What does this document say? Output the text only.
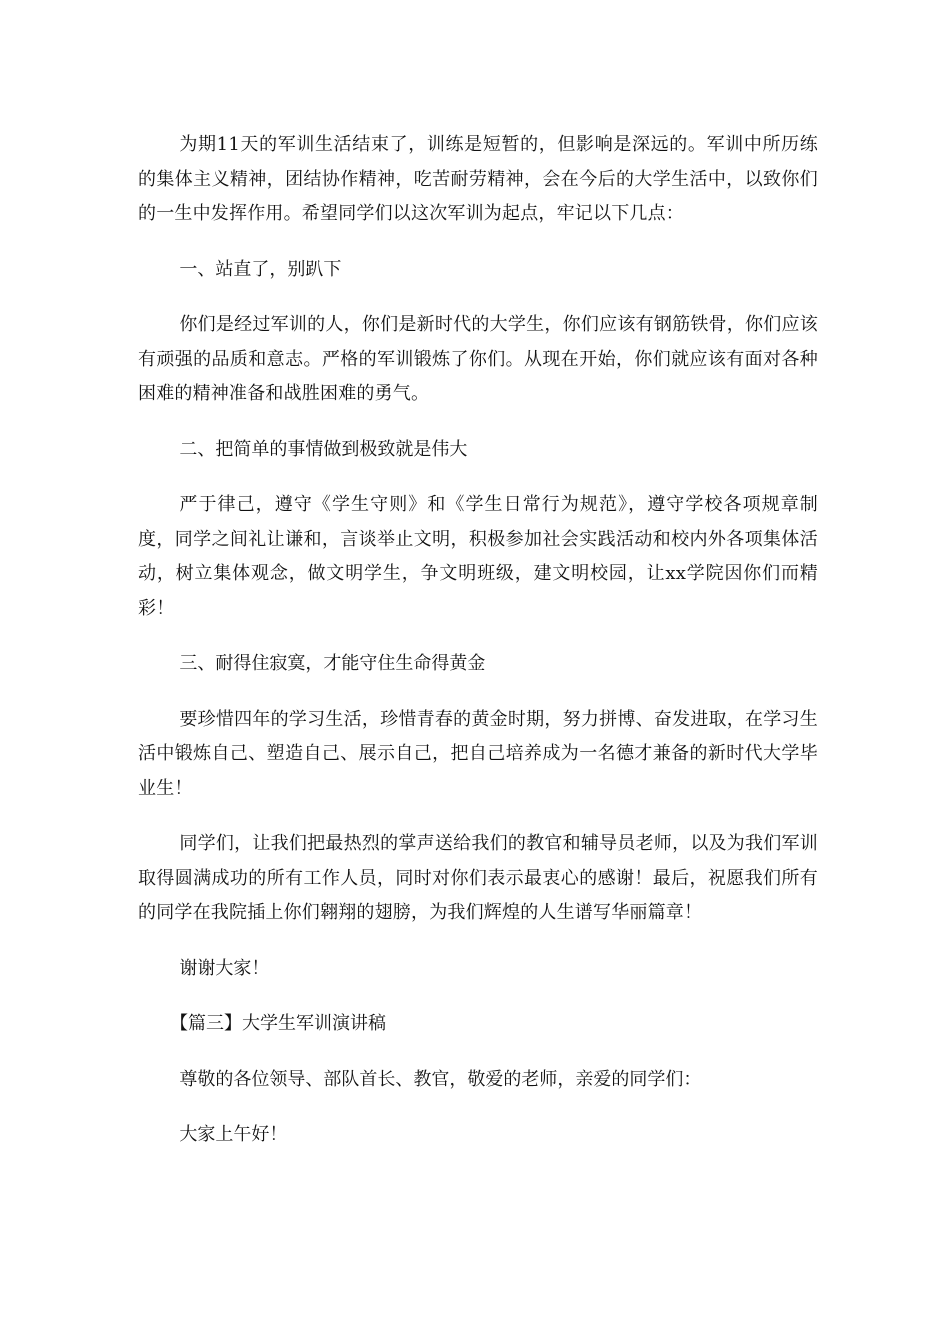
为期11天的军训生活结束了，训练是短暂的，但影响是深远的。军训中所历练的集体主义精神，团结协作精神，吃苦耐劳精神，会在今后的大学生活中，以致你们的一生中发挥作用。希望同学们以这次军训为起点，牢记以下几点：

一、站直了，别趴下

你们是经过军训的人，你们是新时代的大学生，你们应该有钢筋铁骨，你们应该有顽强的品质和意志。严格的军训锻炼了你们。从现在开始，你们就应该有面对各种困难的精神准备和战胜困难的勇气。

二、把简单的事情做到极致就是伟大

严于律己，遵守《学生守则》和《学生日常行为规范》，遵守学校各项规章制度，同学之间礼让谦和，言谈举止文明，积极参加社会实践活动和校内外各项集体活动，树立集体观念，做文明学生，争文明班级，建文明校园，让xx学院因你们而精彩！

三、耐得住寂寞，才能守住生命得黄金

要珍惜四年的学习生活，珍惜青春的黄金时期，努力拼博、奋发进取，在学习生活中锻炼自己、塑造自己、展示自己，把自己培养成为一名德才兼备的新时代大学毕业生！

同学们，让我们把最热烈的掌声送给我们的教官和辅导员老师，以及为我们军训取得圆满成功的所有工作人员，同时对你们表示最衷心的感谢！最后，祝愿我们所有的同学在我院插上你们翱翔的翅膀，为我们辉煌的人生谱写华丽篇章！

谢谢大家！

【篇三】大学生军训演讲稿

尊敬的各位领导、部队首长、教官，敬爱的老师，亲爱的同学们：

大家上午好！
